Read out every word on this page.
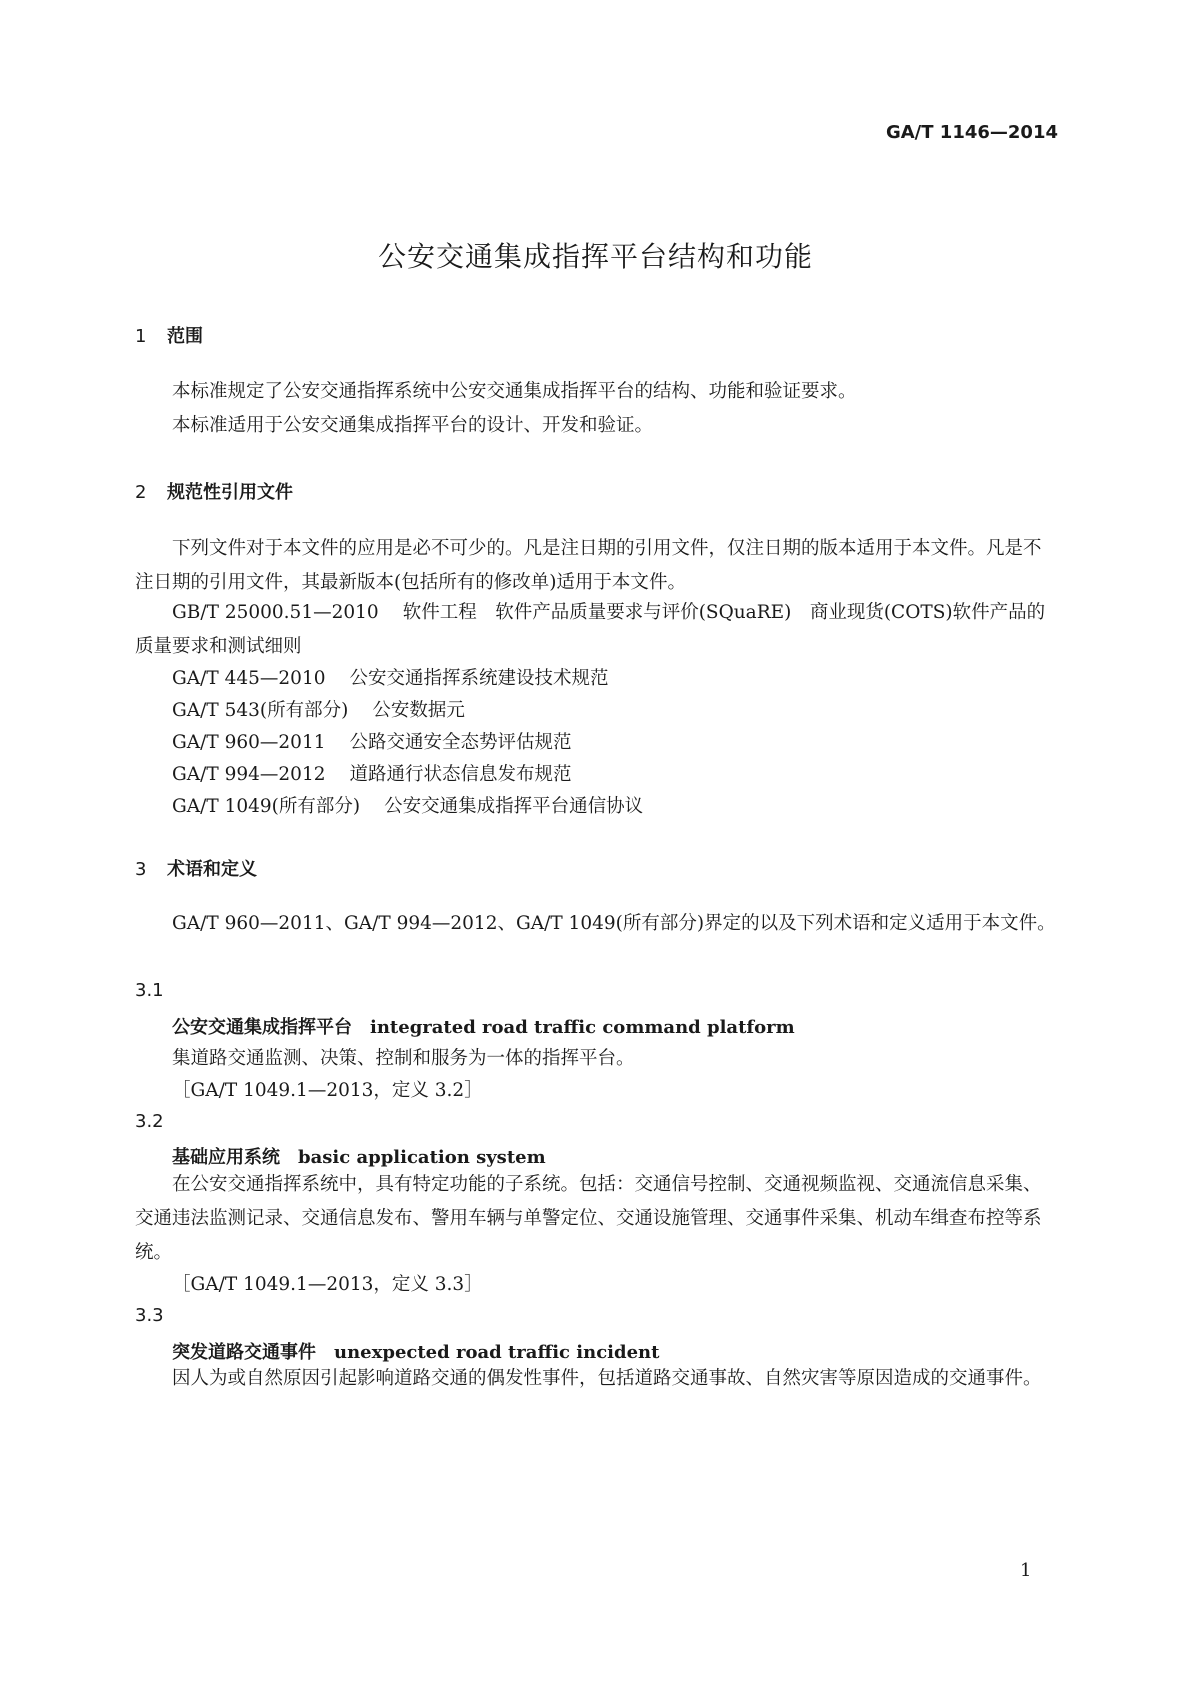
GA/T 1146—2014
公安交通集成指挥平台结构和功能
1 范围
本标准规定了公安交通指挥系统中公安交通集成指挥平台的结构、功能和验证要求。
本标准适用于公安交通集成指挥平台的设计、开发和验证。
2 规范性引用文件
下列文件对于本文件的应用是必不可少的。凡是注日期的引用文件，仅注日期的版本适用于本文件。凡是不注日期的引用文件，其最新版本(包括所有的修改单)适用于本文件。
GB/T 25000.51—2010 软件工程　软件产品质量要求与评价(SQuaRE)　商业现货(COTS)软件产品的质量要求和测试细则
GA/T 445—2010 公安交通指挥系统建设技术规范
GA/T 543(所有部分) 公安数据元
GA/T 960—2011 公路交通安全态势评估规范
GA/T 994—2012 道路通行状态信息发布规范
GA/T 1049(所有部分) 公安交通集成指挥平台通信协议
3 术语和定义
GA/T 960—2011、GA/T 994—2012、GA/T 1049(所有部分)界定的以及下列术语和定义适用于本文件。
3.1
公安交通集成指挥平台 integrated road traffic command platform
集道路交通监测、决策、控制和服务为一体的指挥平台。
［GA/T 1049.1—2013，定义 3.2］
3.2
基础应用系统 basic application system
在公安交通指挥系统中，具有特定功能的子系统。包括：交通信号控制、交通视频监视、交通流信息采集、交通违法监测记录、交通信息发布、警用车辆与单警定位、交通设施管理、交通事件采集、机动车缉查布控等系统。
［GA/T 1049.1—2013，定义 3.3］
3.3
突发道路交通事件 unexpected road traffic incident
因人为或自然原因引起影响道路交通的偶发性事件，包括道路交通事故、自然灾害等原因造成的交通事件。
1
